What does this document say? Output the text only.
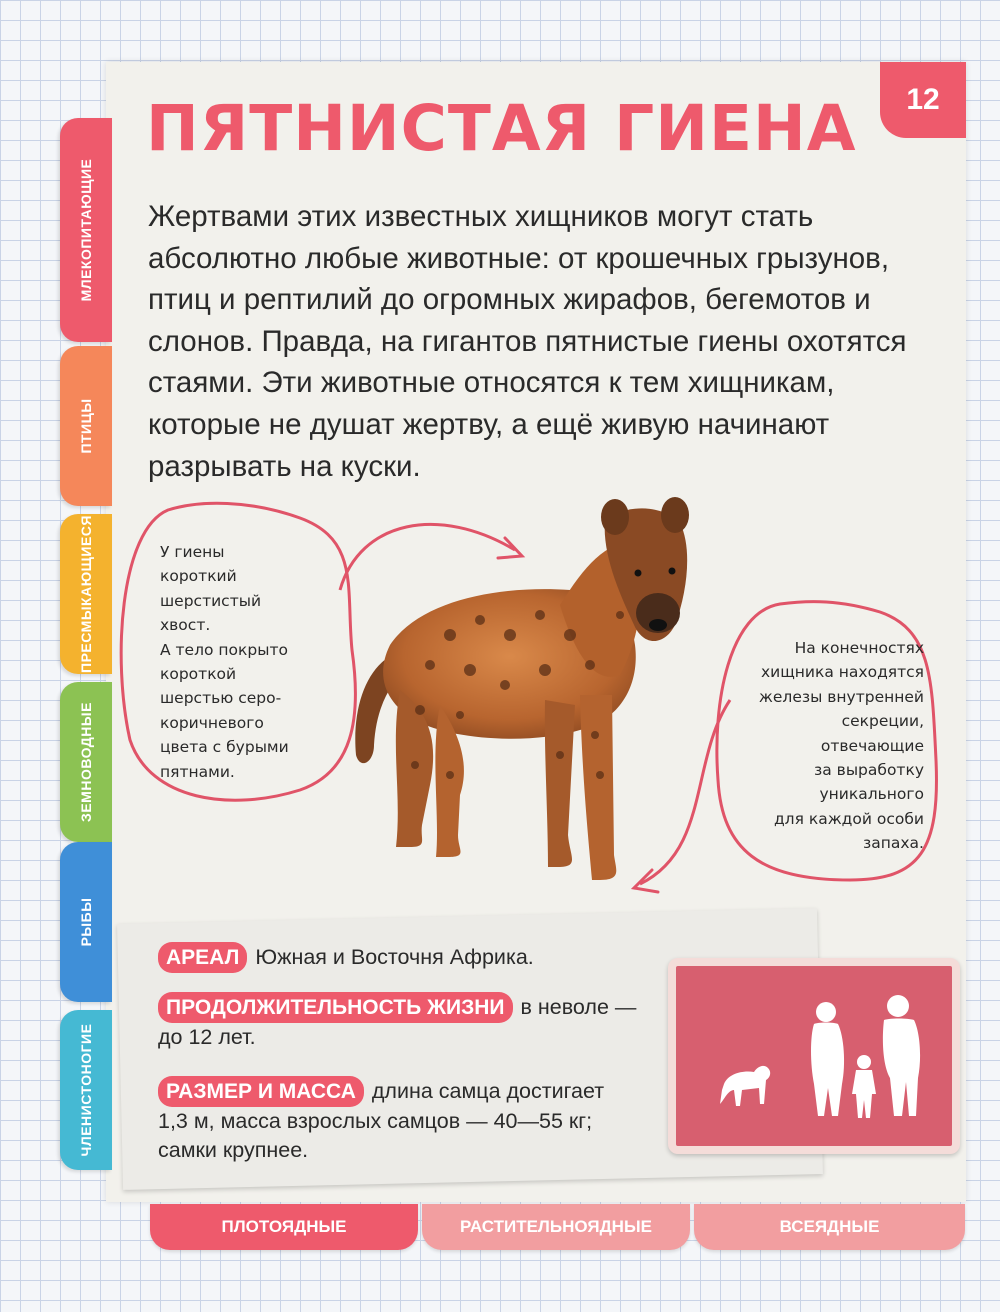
МЛЕКОПИТАЮЩИЕ
ПТИЦЫ
ПРЕСМЫКАЮЩИЕСЯ
ЗЕМНОВОДНЫЕ
РЫБЫ
ЧЛЕНИСТОНОГИЕ
12
ПЯТНИСТАЯ ГИЕНА

Жертвами этих известных хищников могут стать абсолютно любые животные: от крошечных грызунов, птиц и рептилий до огромных жирафов, бегемотов и слонов. Правда, на гигантов пятнистые гиены охотятся стаями. Эти животные относятся к тем хищникам, которые не душат жертву, а ещё живую начинают разрывать на куски.

У гиены
короткий
шерстистый
хвост.
А тело покрыто
короткой
шерстью серо-
коричневого
цвета с бурыми
пятнами.

На конечностях
хищника находятся
железы внутренней
секреции,
отвечающие
за выработку
уникального
для каждой особи
запаха.

АРЕАЛ Южная и Восточня Африка.
ПРОДОЛЖИТЕЛЬНОСТЬ ЖИЗНИ в неволе — до 12 лет.
РАЗМЕР И МАССА длина самца достигает 1,3 м, масса взрослых самцов — 40—55 кг; самки крупнее.
ПЛОТОЯДНЫЕ	РАСТИТЕЛЬНОЯДНЫЕ	ВСЕЯДНЫЕ
